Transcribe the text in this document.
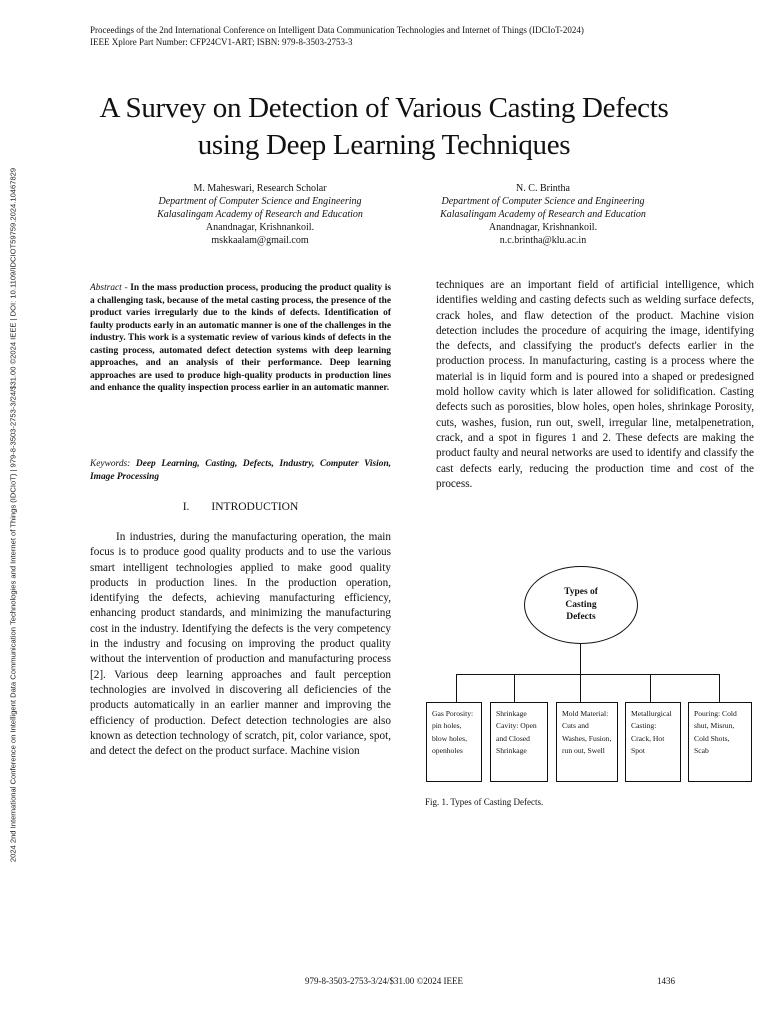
Proceedings of the 2nd International Conference on Intelligent Data Communication Technologies and Internet of Things (IDCIoT-2024)
IEEE Xplore Part Number: CFP24CV1-ART; ISBN: 979-8-3503-2753-3
2024 2nd International Conference on Intelligent Data Communication Technologies and Internet of Things (IDCIoT) | 979-8-3503-2753-3/24/$31.00 ©2024 IEEE | DOI: 10.1109/IDCIOT59759.2024.10467829
A Survey on Detection of Various Casting Defects
using Deep Learning Techniques
M. Maheswari, Research Scholar
Department of Computer Science and Engineering
Kalasalingam Academy of Research and Education
Anandnagar, Krishnankoil.
mskkaalam@gmail.com
N. C. Brintha
Department of Computer Science and Engineering
Kalasalingam Academy of Research and Education
Anandnagar, Krishnankoil.
n.c.brintha@klu.ac.in
Abstract - In the mass production process, producing the product quality is a challenging task, because of the metal casting process, the presence of the product varies irregularly due to the kinds of defects. Identification of faulty products early in an automatic manner is one of the challenges in the industry. This work is a systematic review of various kinds of defects in the casting process, automated defect detection systems with deep learning approaches, and an analysis of their performance. Deep learning approaches are used to produce high-quality products in production lines and enhance the quality inspection process earlier in an automatic manner.
Keywords: Deep Learning, Casting, Defects, Industry, Computer Vision, Image Processing
I. INTRODUCTION
In industries, during the manufacturing operation, the main focus is to produce good quality products and to use the various smart intelligent technologies applied to make good quality products in production lines. In the production operation, identifying the defects, achieving manufacturing efficiency, enhancing product standards, and minimizing the manufacturing cost in the industry. Identifying the defects is the very competency in the industry and focusing on improving the product quality without the intervention of production and manufacturing process [2]. Various deep learning approaches and fault perception technologies are involved in discovering all deficiencies of the products automatically in an earlier manner and improving the efficiency of production. Defect detection technologies are also known as detection technology of scratch, pit, color variance, spot, and detect the defect on the product surface. Machine vision
techniques are an important field of artificial intelligence, which identifies welding and casting defects such as welding surface defects, crack holes, and flaw detection of the product. Machine vision detection includes the procedure of acquiring the image, identifying the defects, and classifying the product's defects earlier in the production process. In manufacturing, casting is a process where the material is in liquid form and is poured into a shaped or predesigned mold hollow cavity which is later allowed for solidification. Casting defects such as porosities, blow holes, open holes, shrinkage Porosity, cuts, washes, fusion, run out, swell, irregular line, metalpenetration, crack, and a spot in figures 1 and 2. These defects are making the product faulty and neural networks are used to identify and classify the cast defects early, reducing the production time and cost of the process.
Types of Casting Defects
Gas Porosity: pin holes, blow holes, openholes
Shrinkage Cavity: Open and Closed Shrinkage
Mold Material: Cuts and Washes, Fusion, run out, Swell
Metallurgical Casting: Crack, Hot Spot
Pouring: Cold shut, Misrun, Cold Shots, Scab
Fig. 1. Types of Casting Defects.
979-8-3503-2753-3/24/$31.00 ©2024 IEEE	1436
